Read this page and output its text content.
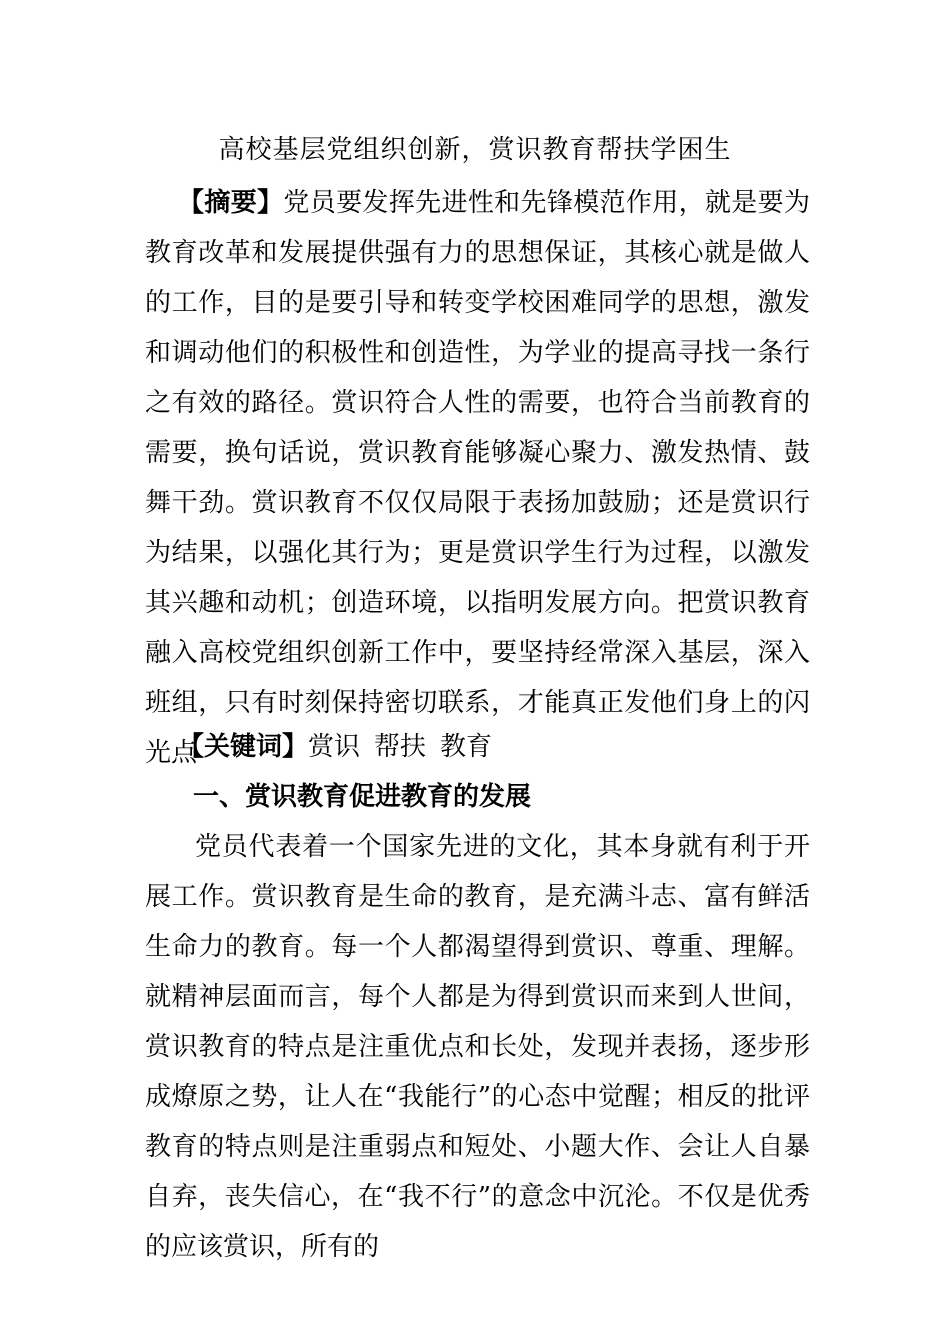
高校基层党组织创新，赏识教育帮扶学困生
【摘要】党员要发挥先进性和先锋模范作用，就是要为教育改革和发展提供强有力的思想保证，其核心就是做人的工作，目的是要引导和转变学校困难同学的思想，激发和调动他们的积极性和创造性，为学业的提高寻找一条行之有效的路径。赏识符合人性的需要，也符合当前教育的需要，换句话说，赏识教育能够凝心聚力、激发热情、鼓舞干劲。赏识教育不仅仅局限于表扬加鼓励；还是赏识行为结果，以强化其行为；更是赏识学生行为过程，以激发其兴趣和动机；创造环境，以指明发展方向。把赏识教育融入高校党组织创新工作中，要坚持经常深入基层，深入班组，只有时刻保持密切联系，才能真正发他们身上的闪光点
【关键词】赏识 帮扶 教育
一、赏识教育促进教育的发展
党员代表着一个国家先进的文化，其本身就有利于开展工作。赏识教育是生命的教育，是充满斗志、富有鲜活生命力的教育。每一个人都渴望得到赏识、尊重、理解。就精神层面而言，每个人都是为得到赏识而来到人世间，赏识教育的特点是注重优点和长处，发现并表扬，逐步形成燎原之势，让人在“我能行”的心态中觉醒；相反的批评教育的特点则是注重弱点和短处、小题大作、会让人自暴自弃，丧失信心，在“我不行”的意念中沉沦。不仅是优秀的应该赏识，所有的
